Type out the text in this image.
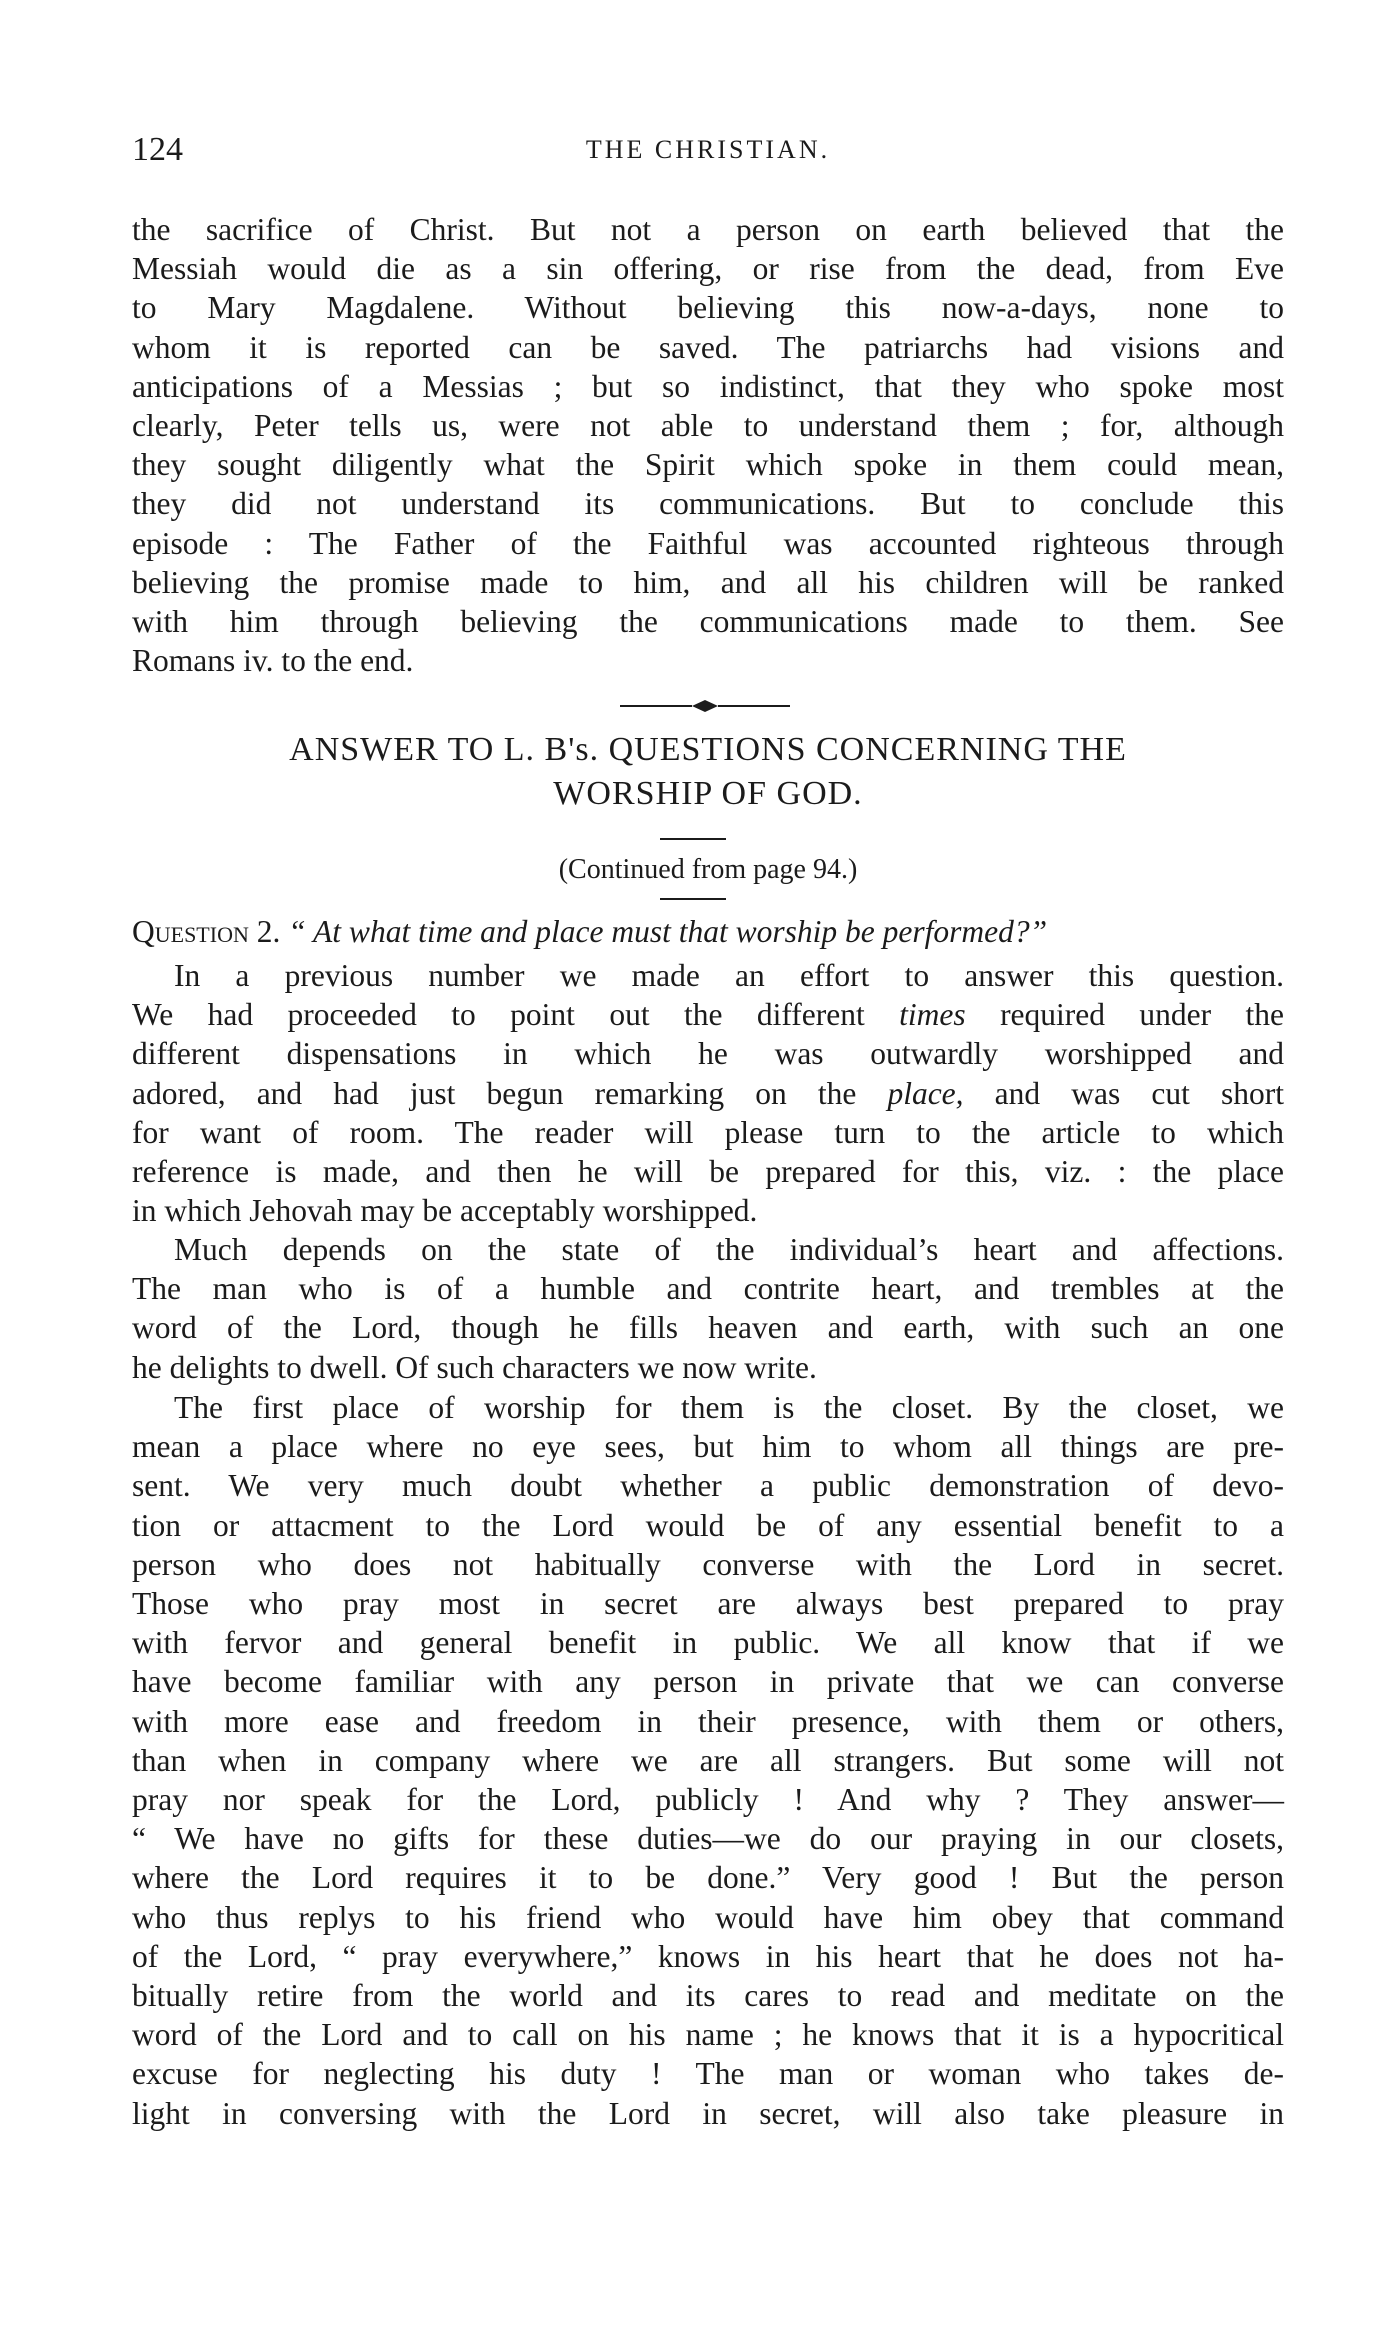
124	THE CHRISTIAN.
the sacrifice of Christ. But not a person on earth believed that the
Messiah would die as a sin offering, or rise from the dead, from Eve
to Mary Magdalene. Without believing this now-a-days, none to
whom it is reported can be saved. The patriarchs had visions and
anticipations of a Messias ; but so indistinct, that they who spoke most
clearly, Peter tells us, were not able to understand them ; for, although
they sought diligently what the Spirit which spoke in them could mean,
they did not understand its communications. But to conclude this
episode : The Father of the Faithful was accounted righteous through
believing the promise made to him, and all his children will be ranked
with him through believing the communications made to them. See
Romans iv. to the end.
ANSWER TO L. B's. QUESTIONS CONCERNING THE
WORSHIP OF GOD.
(Continued from page 94.)
Question 2. “ At what time and place must that worship be performed?”
In a previous number we made an effort to answer this question.
We had proceeded to point out the different times required under the
different dispensations in which he was outwardly worshipped and
adored, and had just begun remarking on the place, and was cut short
for want of room. The reader will please turn to the article to which
reference is made, and then he will be prepared for this, viz. : the place
in which Jehovah may be acceptably worshipped.
Much depends on the state of the individual’s heart and affections.
The man who is of a humble and contrite heart, and trembles at the
word of the Lord, though he fills heaven and earth, with such an one
he delights to dwell. Of such characters we now write.
The first place of worship for them is the closet. By the closet, we
mean a place where no eye sees, but him to whom all things are pre-
sent. We very much doubt whether a public demonstration of devo-
tion or attacment to the Lord would be of any essential benefit to a
person who does not habitually converse with the Lord in secret.
Those who pray most in secret are always best prepared to pray
with fervor and general benefit in public. We all know that if we
have become familiar with any person in private that we can converse
with more ease and freedom in their presence, with them or others,
than when in company where we are all strangers. But some will not
pray nor speak for the Lord, publicly ! And why ? They answer—
“ We have no gifts for these duties—we do our praying in our closets,
where the Lord requires it to be done.” Very good ! But the person
who thus replys to his friend who would have him obey that command
of the Lord, “ pray everywhere,” knows in his heart that he does not ha-
bitually retire from the world and its cares to read and meditate on the
word of the Lord and to call on his name ; he knows that it is a hypocritical
excuse for neglecting his duty ! The man or woman who takes de-
light in conversing with the Lord in secret, will also take pleasure in
